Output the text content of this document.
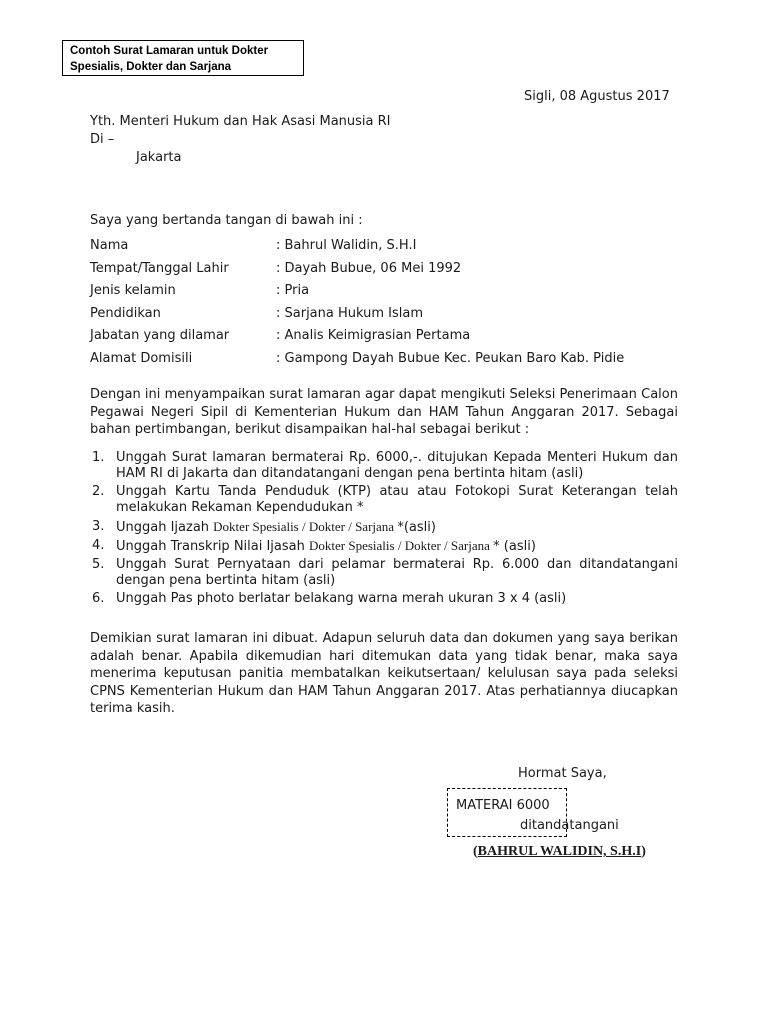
Contoh Surat Lamaran untuk Dokter
Spesialis, Dokter dan Sarjana
Sigli, 08 Agustus 2017
Yth. Menteri Hukum dan Hak Asasi Manusia RI
Di –
Jakarta
Saya yang bertanda tangan di bawah ini :
Nama	: Bahrul Walidin, S.H.I
Tempat/Tanggal Lahir	: Dayah Bubue, 06 Mei 1992
Jenis kelamin	: Pria
Pendidikan	: Sarjana Hukum Islam
Jabatan yang dilamar	: Analis Keimigrasian Pertama
Alamat Domisili	: Gampong Dayah Bubue Kec. Peukan Baro Kab. Pidie
Dengan ini menyampaikan surat lamaran agar dapat mengikuti Seleksi Penerimaan Calon Pegawai Negeri Sipil di Kementerian Hukum dan HAM Tahun Anggaran 2017. Sebagai bahan pertimbangan, berikut disampaikan hal-hal sebagai berikut :
1. Unggah Surat lamaran bermaterai Rp. 6000,-. ditujukan Kepada Menteri Hukum dan HAM RI di Jakarta dan ditandatangani dengan pena bertinta hitam (asli)
2. Unggah Kartu Tanda Penduduk (KTP) atau atau Fotokopi Surat Keterangan telah melakukan Rekaman Kependudukan *
3. Unggah Ijazah Dokter Spesialis / Dokter / Sarjana *(asli)
4. Unggah Transkrip Nilai Ijasah Dokter Spesialis / Dokter / Sarjana * (asli)
5. Unggah Surat Pernyataan dari pelamar bermaterai Rp. 6.000 dan ditandatangani dengan pena bertinta hitam (asli)
6. Unggah Pas photo berlatar belakang warna merah ukuran 3 x 4 (asli)
Demikian surat lamaran ini dibuat. Adapun seluruh data dan dokumen yang saya berikan adalah benar. Apabila dikemudian hari ditemukan data yang tidak benar, maka saya menerima keputusan panitia membatalkan keikutsertaan/ kelulusan saya pada seleksi CPNS Kementerian Hukum dan HAM Tahun Anggaran 2017. Atas perhatiannya diucapkan terima kasih.
Hormat Saya,
MATERAI 6000
ditandatangani
(BAHRUL WALIDIN, S.H.I)
